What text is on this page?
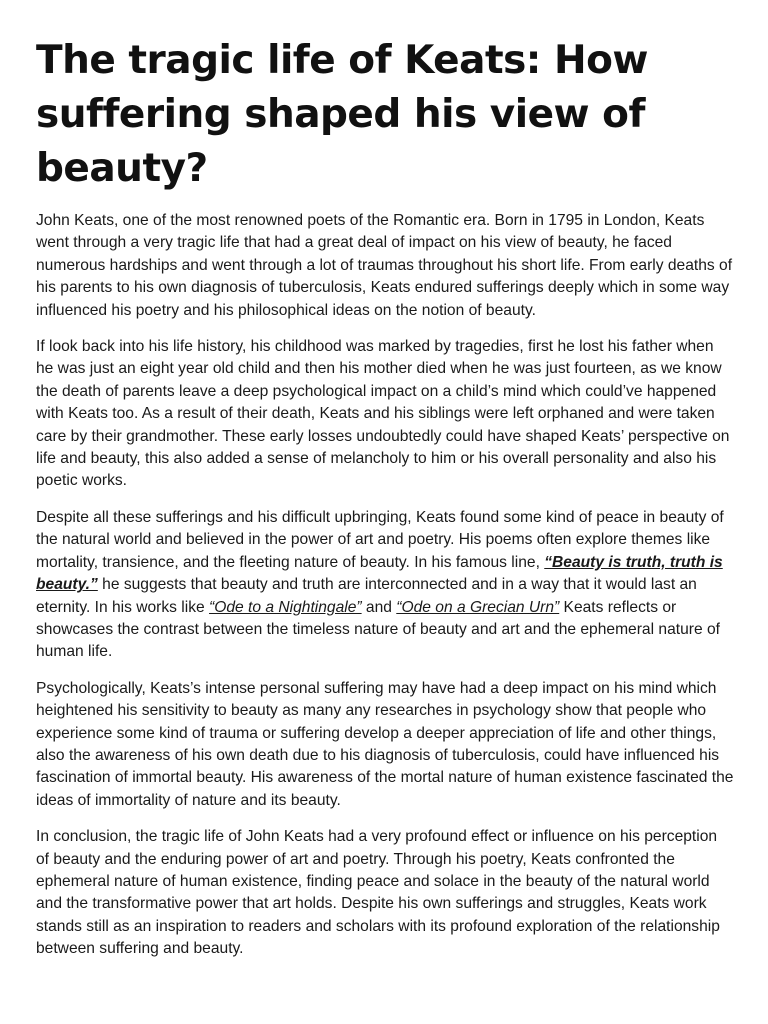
The tragic life of Keats: How suffering shaped his view of beauty?

John Keats, one of the most renowned poets of the Romantic era. Born in 1795 in London, Keats went through a very tragic life that had a great deal of impact on his view of beauty, he faced numerous hardships and went through a lot of traumas throughout his short life. From early deaths of his parents to his own diagnosis of tuberculosis, Keats endured sufferings deeply which in some way influenced his poetry and his philosophical ideas on the notion of beauty.

If look back into his life history, his childhood was marked by tragedies, first he lost his father when he was just an eight year old child and then his mother died when he was just fourteen, as we know the death of parents leave a deep psychological impact on a child’s mind which could’ve happened with Keats too. As a result of their death, Keats and his siblings were left orphaned and were taken care by their grandmother. These early losses undoubtedly could have shaped Keats’ perspective on life and beauty, this also added a sense of melancholy to him or his overall personality and also his poetic works.

Despite all these sufferings and his difficult upbringing, Keats found some kind of peace in beauty of the natural world and believed in the power of art and poetry. His poems often explore themes like mortality, transience, and the fleeting nature of beauty. In his famous line, “Beauty is truth, truth is beauty.” he suggests that beauty and truth are interconnected and in a way that it would last an eternity. In his works like “Ode to a Nightingale” and “Ode on a Grecian Urn” Keats reflects or showcases the contrast between the timeless nature of beauty and art and the ephemeral nature of human life.

Psychologically, Keats’s intense personal suffering may have had a deep impact on his mind which heightened his sensitivity to beauty as many any researches in psychology show that people who experience some kind of trauma or suffering develop a deeper appreciation of life and other things, also the awareness of his own death due to his diagnosis of tuberculosis, could have influenced his fascination of immortal beauty. His awareness of the mortal nature of human existence fascinated the ideas of immortality of nature and its beauty.

In conclusion, the tragic life of John Keats had a very profound effect or influence on his perception of beauty and the enduring power of art and poetry. Through his poetry, Keats confronted the ephemeral nature of human existence, finding peace and solace in the beauty of the natural world and the transformative power that art holds. Despite his own sufferings and struggles, Keats work stands still as an inspiration to readers and scholars with its profound exploration of the relationship between suffering and beauty.
